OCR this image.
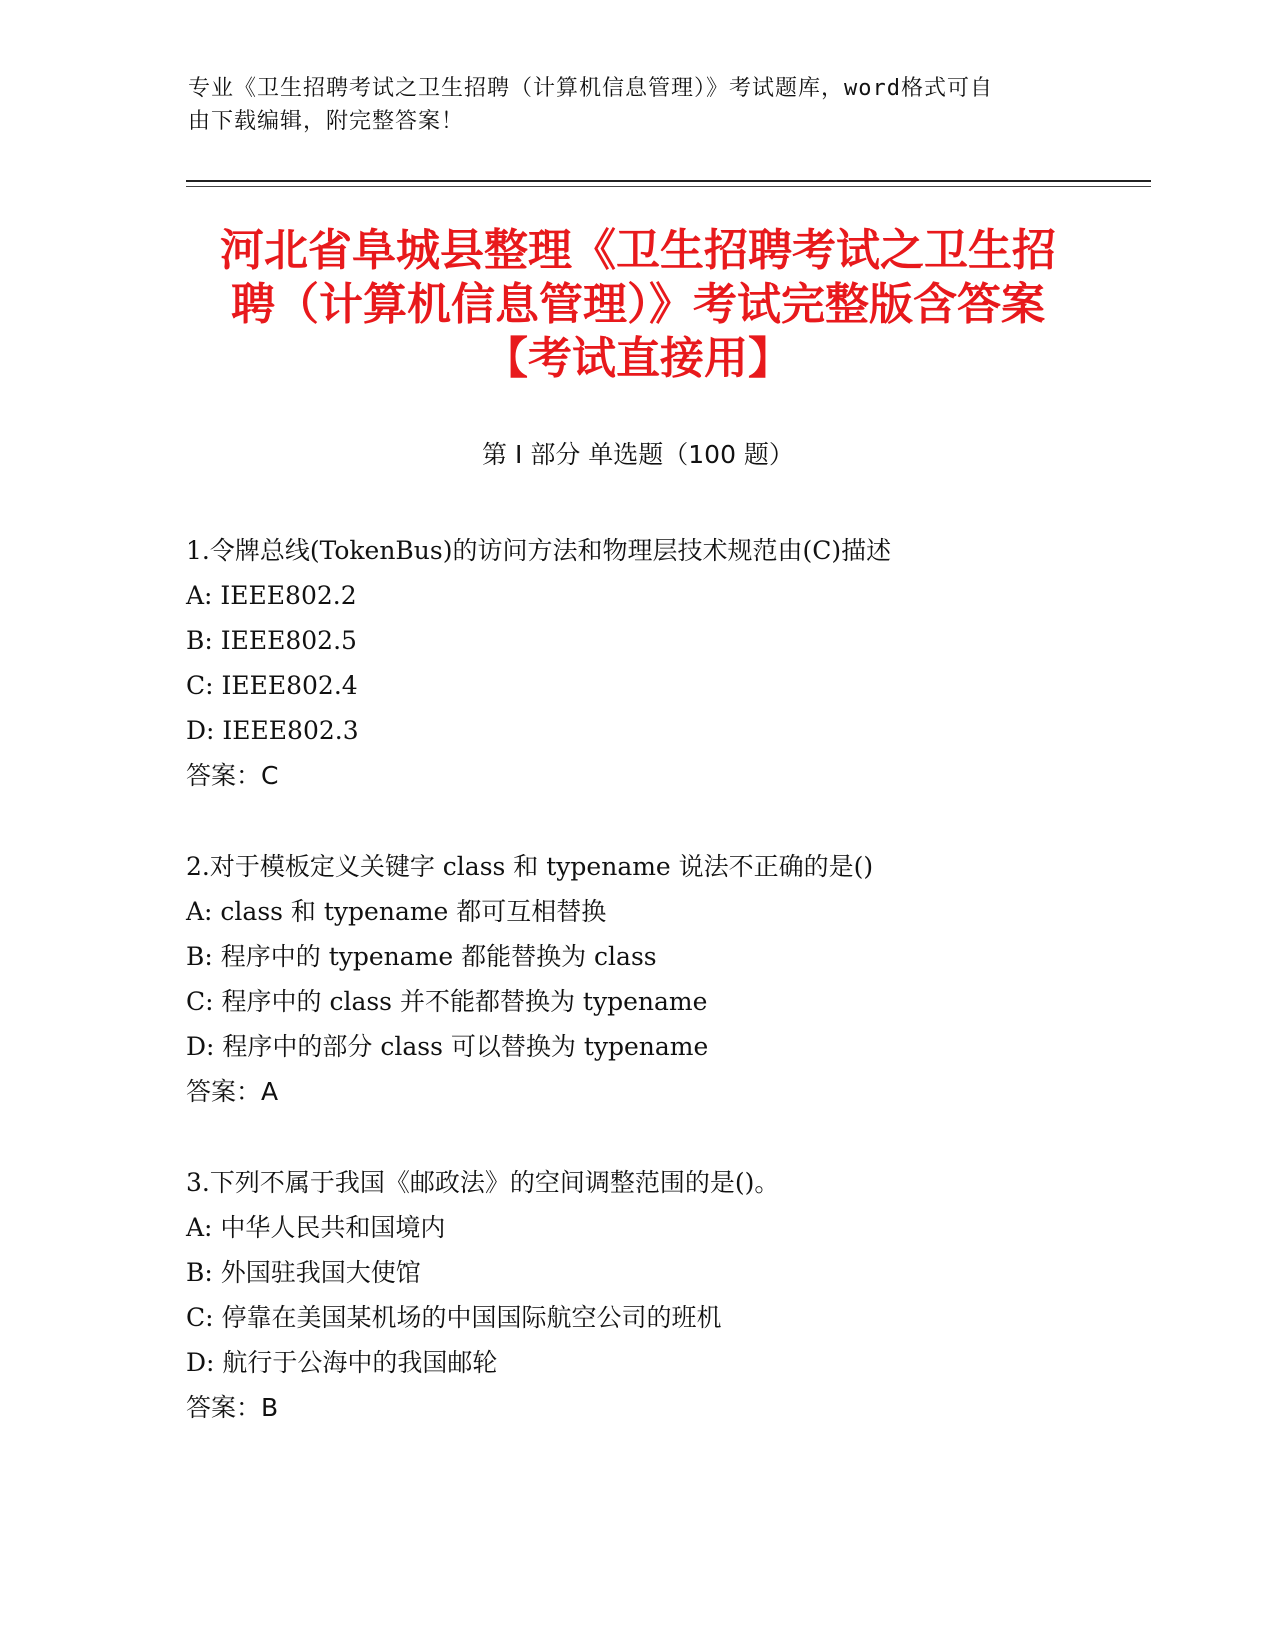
专业《卫生招聘考试之卫生招聘（计算机信息管理）》考试题库，word格式可自
由下载编辑，附完整答案！
河北省阜城县整理《卫生招聘考试之卫生招
聘（计算机信息管理）》考试完整版含答案
【考试直接用】
第 I 部分 单选题（100 题）
1.令牌总线(TokenBus)的访问方法和物理层技术规范由(C)描述
A: IEEE802.2
B: IEEE802.5
C: IEEE802.4
D: IEEE802.3
答案：C
2.对于模板定义关键字 class 和 typename 说法不正确的是()
A: class 和 typename 都可互相替换
B: 程序中的 typename 都能替换为 class
C: 程序中的 class 并不能都替换为 typename
D: 程序中的部分 class 可以替换为 typename
答案：A
3.下列不属于我国《邮政法》的空间调整范围的是()。
A: 中华人民共和国境内
B: 外国驻我国大使馆
C: 停靠在美国某机场的中国国际航空公司的班机
D: 航行于公海中的我国邮轮
答案：B
